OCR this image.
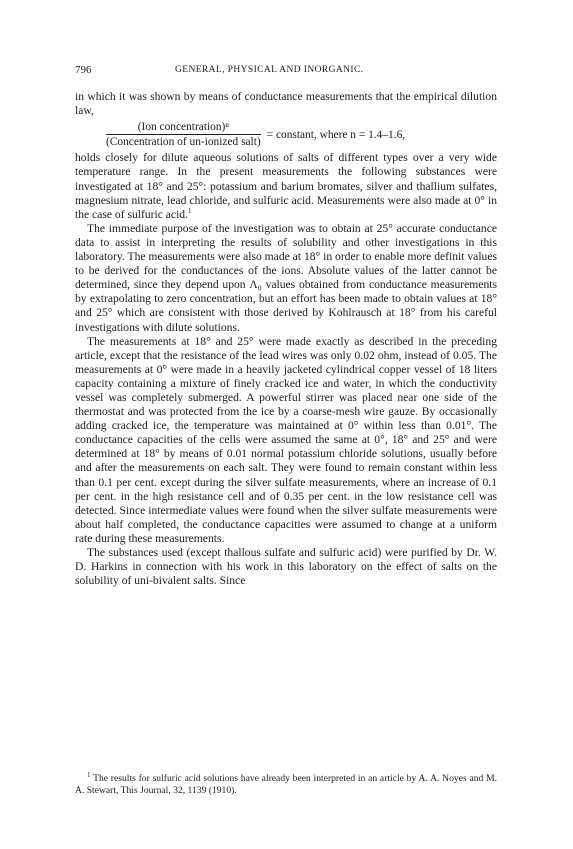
796	GENERAL, PHYSICAL AND INORGANIC.

in which it was shown by means of conductance measurements that the empirical dilution law,

$\frac{\text{(Ion concentration)ⁿ}}{\text{(Concentration of un-ionized salt)}}$ = constant, where n = 1.4–1.6,

holds closely for dilute aqueous solutions of salts of different types over a very wide temperature range. In the present measurements the following substances were investigated at 18° and 25°: potassium and barium bromates, silver and thallium sulfates, magnesium nitrate, lead chloride, and sulfuric acid. Measurements were also made at 0° in the case of sulfuric acid.$^1$

The immediate purpose of the investigation was to obtain at 25° accurate conductance data to assist in interpreting the results of solubility and other investigations in this laboratory. The measurements were also made at 18° in order to enable more definit values to be derived for the conductances of the ions. Absolute values of the latter cannot be determined, since they depend upon Λ₀ values obtained from conductance measurements by extrapolating to zero concentration, but an effort has been made to obtain values at 18° and 25° which are consistent with those derived by Kohlrausch at 18° from his careful investigations with dilute solutions.

The measurements at 18° and 25° were made exactly as described in the preceding article, except that the resistance of the lead wires was only 0.02 ohm, instead of 0.05. The measurements at 0° were made in a heavily jacketed cylindrical copper vessel of 18 liters capacity containing a mixture of finely cracked ice and water, in which the conductivity vessel was completely submerged. A powerful stirrer was placed near one side of the thermostat and was protected from the ice by a coarse-mesh wire gauze. By occasionally adding cracked ice, the temperature was maintained at 0° within less than 0.01°. The conductance capacities of the cells were assumed the same at 0°, 18° and 25° and were determined at 18° by means of 0.01 normal potassium chloride solutions, usually before and after the measurements on each salt. They were found to remain constant within less than 0.1 per cent. except during the silver sulfate measurements, where an increase of 0.1 per cent. in the high resistance cell and of 0.35 per cent. in the low resistance cell was detected. Since intermediate values were found when the silver sulfate measurements were about half completed, the conductance capacities were assumed to change at a uniform rate during these measurements.

The substances used (except thallous sulfate and sulfuric acid) were purified by Dr. W. D. Harkins in connection with his work in this laboratory on the effect of salts on the solubility of uni-bivalent salts. Since

$^1$ The results for sulfuric acid solutions have already been interpreted in an article by A. A. Noyes and M. A. Stewart, This Journal, 32, 1139 (1910).
